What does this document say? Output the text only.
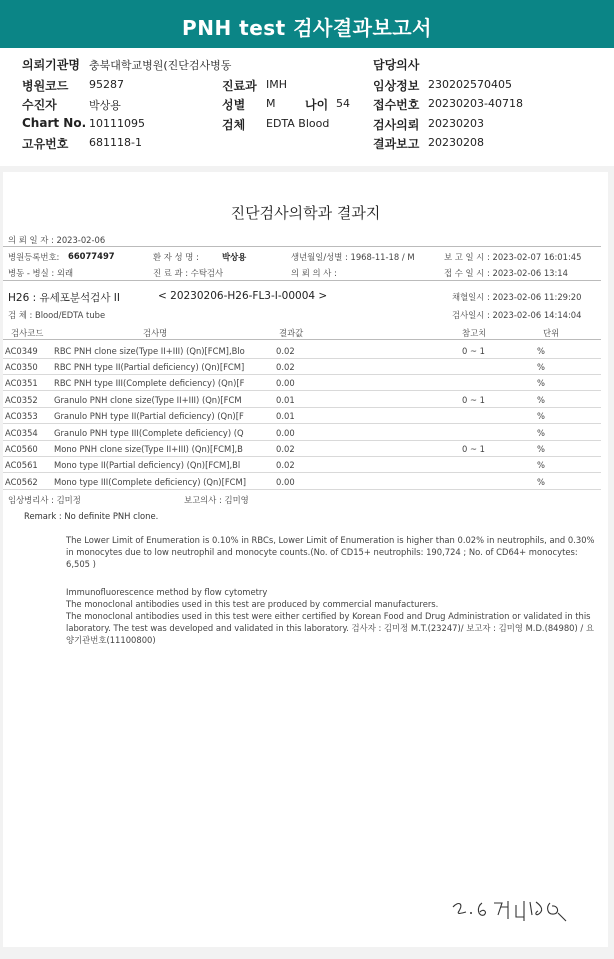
PNH test 검사결과보고서
의뢰기관명 충북대학교병원(진단검사병동	담당의사
병원코드 95287	진료과 IMH	임상정보 230202570405
수진자	박상용	성별 M 나이 54 접수번호 20230203-40718
Chart No. 10111095	검체 EDTA Blood	검사의뢰 20230203
고유번호 681118-1	결과보고 20230208
진단검사의학과 결과지
의 뢰 일 자 : 2023-02-06
병원등록번호: 66077497	환 자 성 명 :	박상용	생년월일/성별 : 1968-11-18 / M	보 고 일 시 : 2023-02-07 16:01:45
병동 - 병실 : 외래	진 료 과 : 수탁검사	의 뢰 의 사 :	접 수 일 시 : 2023-02-06 13:14
H26 : 유세포분석검사 II	< 20230206-H26-FL3-I-00004 >	채혈일시 : 2023-02-06 11:29:20
검 체 : Blood/EDTA tube	검사일시 : 2023-02-06 14:14:04
검사코드	검사명	결과값	참고치	단위
AC0349 RBC PNH clone size(Type II+III) (Qn)[FCM],Blo	0.02	0 ~ 1	%
AC0350 RBC PNH type II(Partial deficiency) (Qn)[FCM]	0.02	%
AC0351 RBC PNH type III(Complete deficiency) (Qn)[F	0.00	%
AC0352 Granulo PNH clone size(Type II+III) (Qn)[FCM	0.01	0 ~ 1	%
AC0353 Granulo PNH type II(Partial deficiency) (Qn)[F	0.01	%
AC0354 Granulo PNH type III(Complete deficiency) (Q	0.00	%
AC0560 Mono PNH clone size(Type II+III) (Qn)[FCM],B	0.02	0 ~ 1	%
AC0561 Mono type II(Partial deficiency) (Qn)[FCM],Bl	0.02	%
AC0562 Mono type III(Complete deficiency) (Qn)[FCM]	0.00	%
임상병리사 : 김미정	보고의사 : 김미영
Remark : No definite PNH clone.
The Lower Limit of Enumeration is 0.10% in RBCs, Lower Limit of Enumeration is higher than 0.02% in neutrophils, and 0.30% in monocytes due to low neutrophil and monocyte counts.(No. of CD15+ neutrophils: 190,724 ; No. of CD64+ monocytes: 6,505 )
Immunofluorescence method by flow cytometry
The monoclonal antibodies used in this test are produced by commercial manufacturers.
The monoclonal antibodies used in this test were either certified by Korean Food and Drug Administration or validated in this laboratory. The test was developed and validated in this laboratory. 검사자 : 김미정 M.T.(23247)/ 보고자 : 김미영 M.D.(84980) / 요양기관번호(11100800)
